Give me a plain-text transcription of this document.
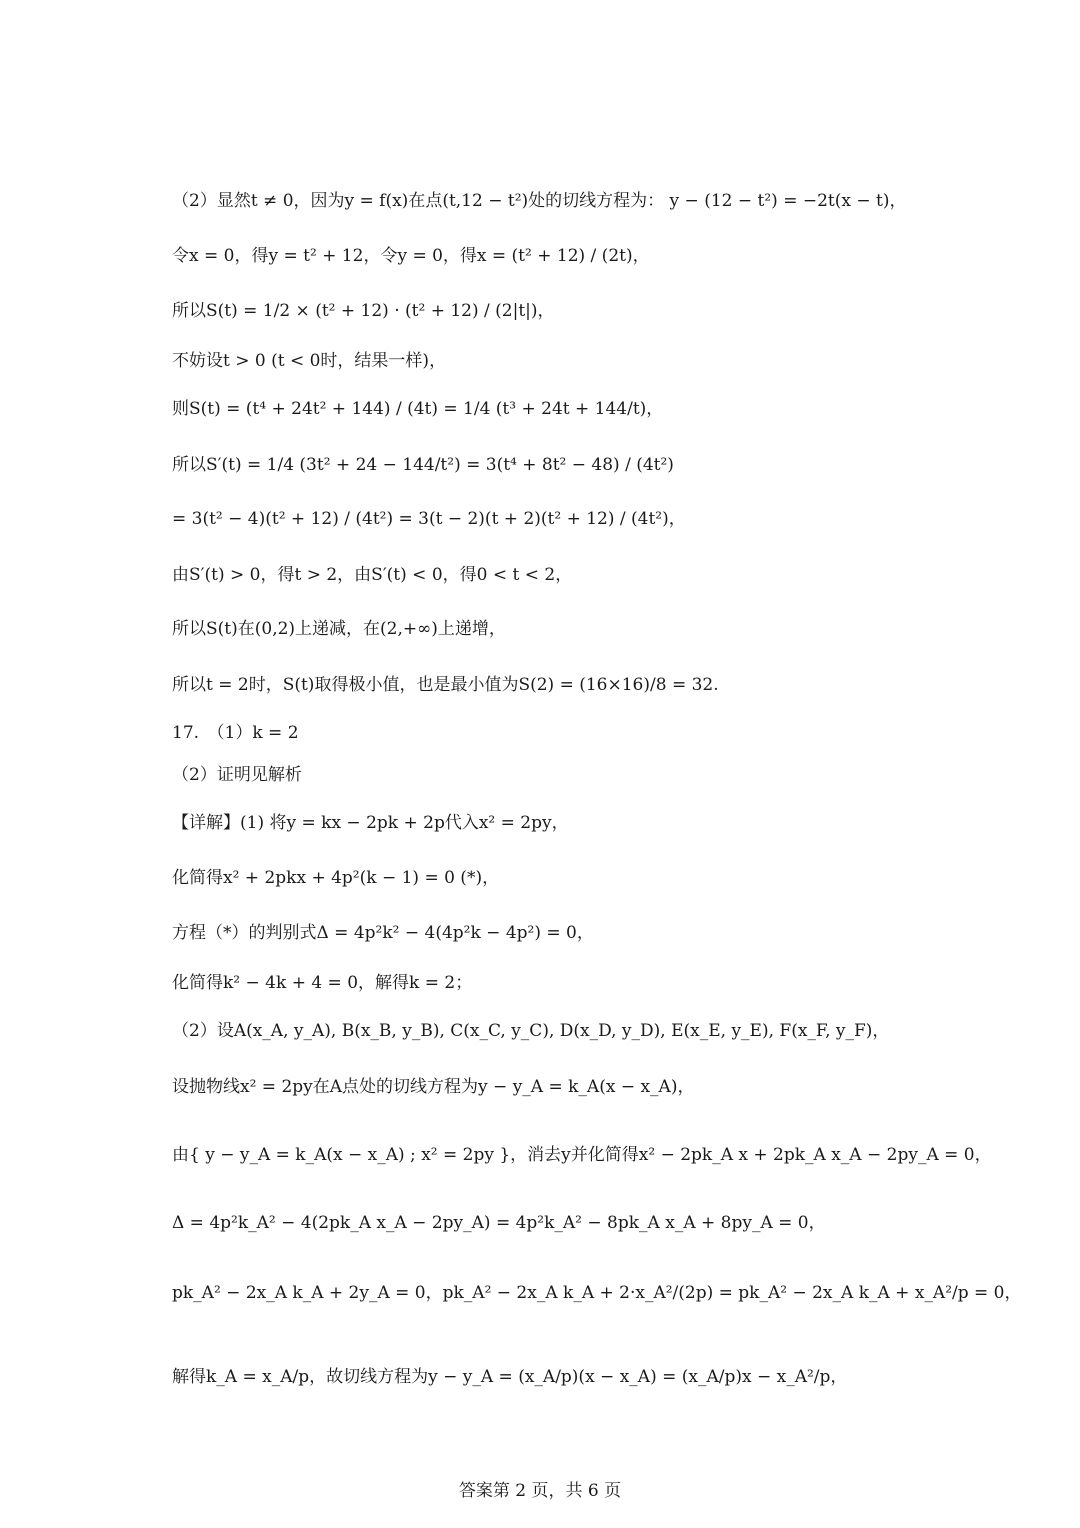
（2）显然t ≠ 0，因为y = f(x)在点(t,12 − t²)处的切线方程为： y − (12 − t²) = −2t(x − t)，
令x = 0，得y = t² + 12，令y = 0，得x = (t² + 12) / (2t)，
所以S(t) = 1/2 × (t² + 12) · (t² + 12) / (2|t|)，
不妨设t > 0 (t < 0时，结果一样)，
则S(t) = (t⁴ + 24t² + 144) / (4t) = 1/4 (t³ + 24t + 144/t)，
所以S′(t) = 1/4 (3t² + 24 − 144/t²) = 3(t⁴ + 8t² − 48) / (4t²)
= 3(t² − 4)(t² + 12) / (4t²) = 3(t − 2)(t + 2)(t² + 12) / (4t²)，
由S′(t) > 0，得t > 2，由S′(t) < 0，得0 < t < 2，
所以S(t)在(0,2)上递减，在(2,+∞)上递增，
所以t = 2时，S(t)取得极小值，也是最小值为S(2) = (16×16)/8 = 32.
17.　（1）k = 2
（2）证明见解析
【详解】(1) 将y = kx − 2pk + 2p代入x² = 2py，
化简得x² + 2pkx + 4p²(k − 1) = 0 (*)，
方程（*）的判别式Δ = 4p²k² − 4(4p²k − 4p²) = 0，
化简得k² − 4k + 4 = 0，解得k = 2；
（2）设A(x_A, y_A), B(x_B, y_B), C(x_C, y_C), D(x_D, y_D), E(x_E, y_E), F(x_F, y_F)，
设抛物线x² = 2py在A点处的切线方程为y − y_A = k_A(x − x_A)，
由{ y − y_A = k_A(x − x_A) ; x² = 2py }，消去y并化简得x² − 2pk_A x + 2pk_A x_A − 2py_A = 0，
Δ = 4p²k_A² − 4(2pk_A x_A − 2py_A) = 4p²k_A² − 8pk_A x_A + 8py_A = 0，
pk_A² − 2x_A k_A + 2y_A = 0，pk_A² − 2x_A k_A + 2·x_A²/(2p) = pk_A² − 2x_A k_A + x_A²/p = 0，
解得k_A = x_A/p，故切线方程为y − y_A = (x_A/p)(x − x_A) = (x_A/p)x − x_A²/p，
答案第 2 页，共 6 页
